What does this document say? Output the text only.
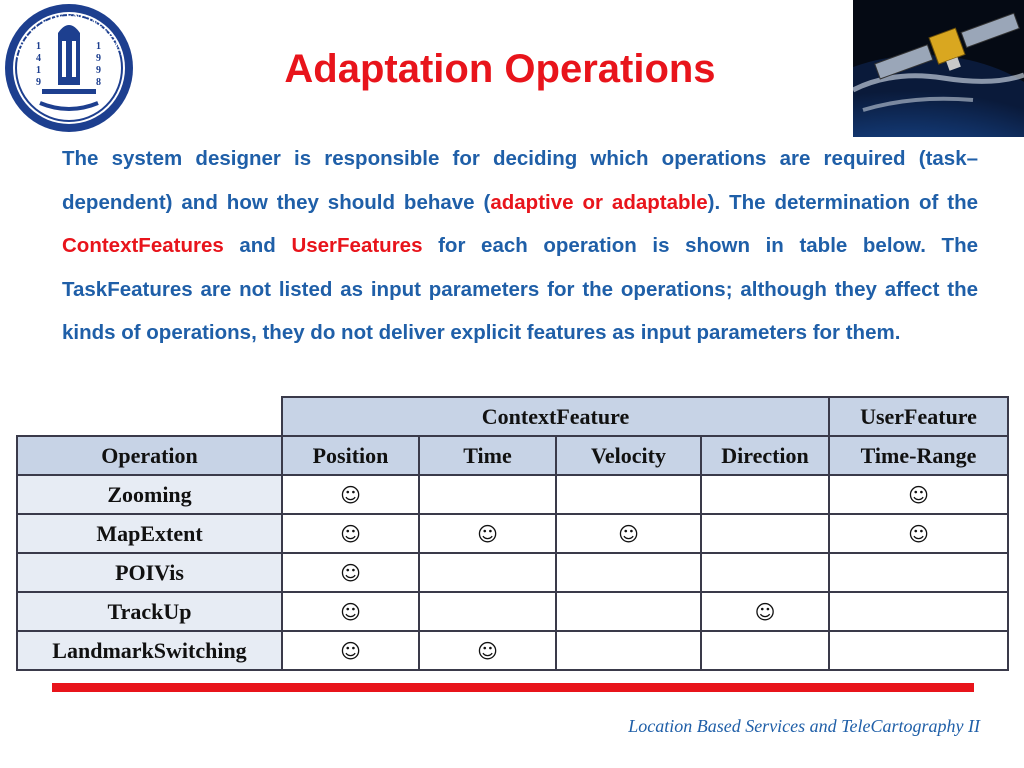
COLLEGE OF ENGINEERING
1
4
1
9
1
9
9
8	Adaptation Operations
The system designer is responsible for deciding which operations are required (task–dependent) and how they should behave (adaptive or adaptable). The determination of the ContextFeatures and UserFeatures for each operation is shown in table below. The TaskFeatures are not listed as input parameters for the operations; although they affect the kinds of operations, they do not deliver explicit features as input parameters for them.
	ContextFeature				UserFeature
Operation	Position	Time	Velocity	Direction	Time-Range
Zooming	☺				☺
MapExtent	☺	☺	☺		☺
POIVis	☺				
TrackUp	☺			☺	
LandmarkSwitching	☺	☺			
Location Based Services and TeleCartography II
